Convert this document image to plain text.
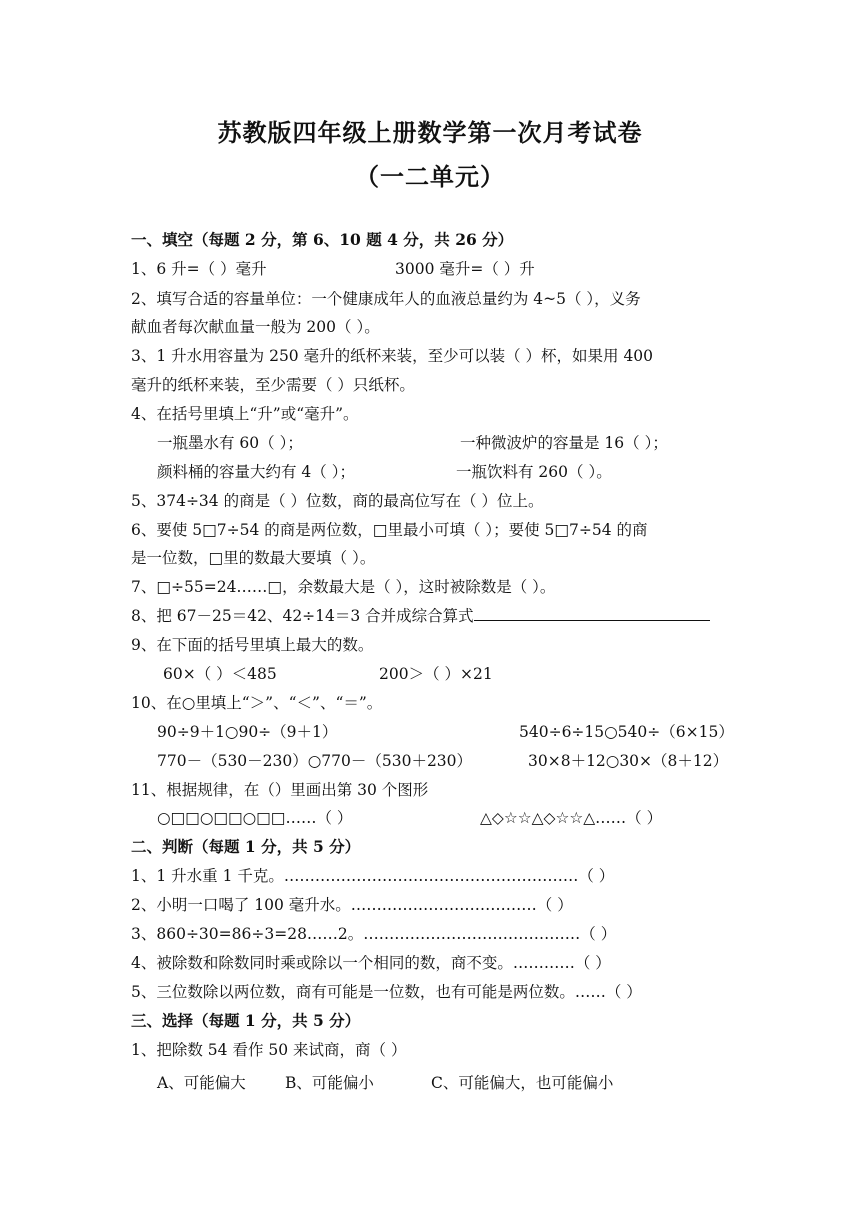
苏教版四年级上册数学第一次月考试卷
（一二单元）
一、填空（每题 2 分，第 6、10 题 4 分，共 26 分）
1、6 升=（ ）毫升	3000 毫升=（ ）升
2、填写合适的容量单位：一个健康成年人的血液总量约为 4~5（ ），义务
献血者每次献血量一般为 200（ ）。
3、1 升水用容量为 250 毫升的纸杯来装，至少可以装（ ）杯，如果用 400
毫升的纸杯来装，至少需要（ ）只纸杯。
4、在括号里填上“升”或“毫升”。
一瓶墨水有 60（ ）；	一种微波炉的容量是 16（ ）；
颜料桶的容量大约有 4（ ）；	一瓶饮料有 260（ ）。
5、374÷34 的商是（ ）位数，商的最高位写在（ ）位上。
6、要使 5□7÷54 的商是两位数，□里最小可填（ ）；要使 5□7÷54 的商
是一位数，□里的数最大要填（ ）。
7、□÷55=24……□，余数最大是（ ），这时被除数是（ ）。
8、把 67－25＝42、42÷14＝3 合并成综合算式
9、在下面的括号里填上最大的数。
60×（ ）＜485	200＞（ ）×21
10、在○里填上“＞”、“＜”、“＝”。
90÷9＋1○90÷（9＋1）	540÷6÷15○540÷（6×15）
770－（530－230）○770－（530＋230）	30×8＋12○30×（8＋12）
11、根据规律，在（）里画出第 30 个图形
○□□○□□○□□……（ ）	△◇☆☆△◇☆☆△……（ ）
二、判断（每题 1 分，共 5 分）
1、1 升水重 1 千克。…………………………………………………（ ）
2、小明一口喝了 100 毫升水。………………………………（ ）
3、860÷30=86÷3=28……2。……………………………………（ ）
4、被除数和除数同时乘或除以一个相同的数，商不变。…………（ ）
5、三位数除以两位数，商有可能是一位数，也有可能是两位数。……（ ）
三、选择（每题 1 分，共 5 分）
1、把除数 54 看作 50 来试商，商（ ）
A、可能偏大	B、可能偏小	C、可能偏大，也可能偏小
